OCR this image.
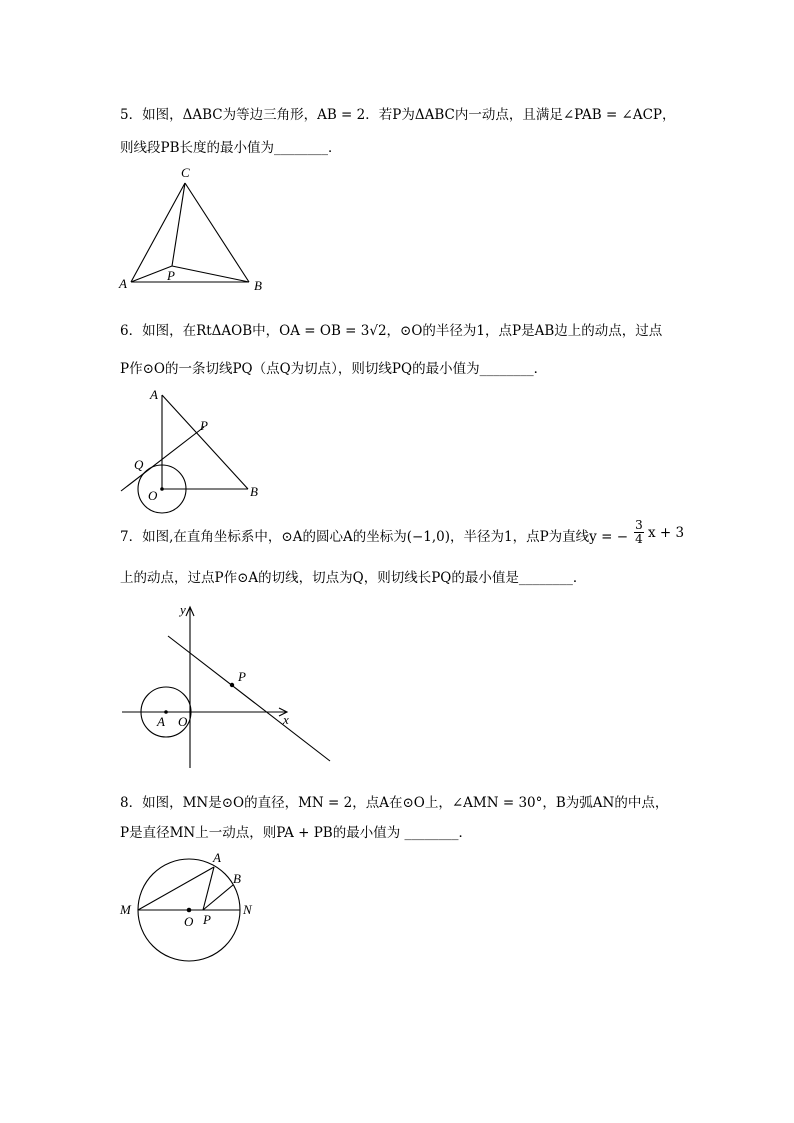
5．如图，ΔABC为等边三角形，AB = 2．若P为ΔABC内一动点，且满足∠PAB = ∠ACP，
则线段PB长度的最小值为________．
C
A	B
P
6．如图，在RtΔAOB中，OA = OB = 3√2，⊙O的半径为1，点P是AB边上的动点，过点
P作⊙O的一条切线PQ（点Q为切点），则切线PQ的最小值为________．
A
P
Q
O	B
7．如图,在直角坐标系中，⊙A的圆心A的坐标为(−1,0)，半径为1，点P为直线y = − $\frac{3}{4}$ x + 3
上的动点，过点P作⊙A的切线，切点为Q，则切线长PQ的最小值是________．
y
x
P
A O
8．如图，MN是⊙O的直径，MN = 2，点A在⊙O上，∠AMN = 30°，B为弧AN的中点，
P是直径MN上一动点，则PA + PB的最小值为 ________．
A
B
M	N
O P
